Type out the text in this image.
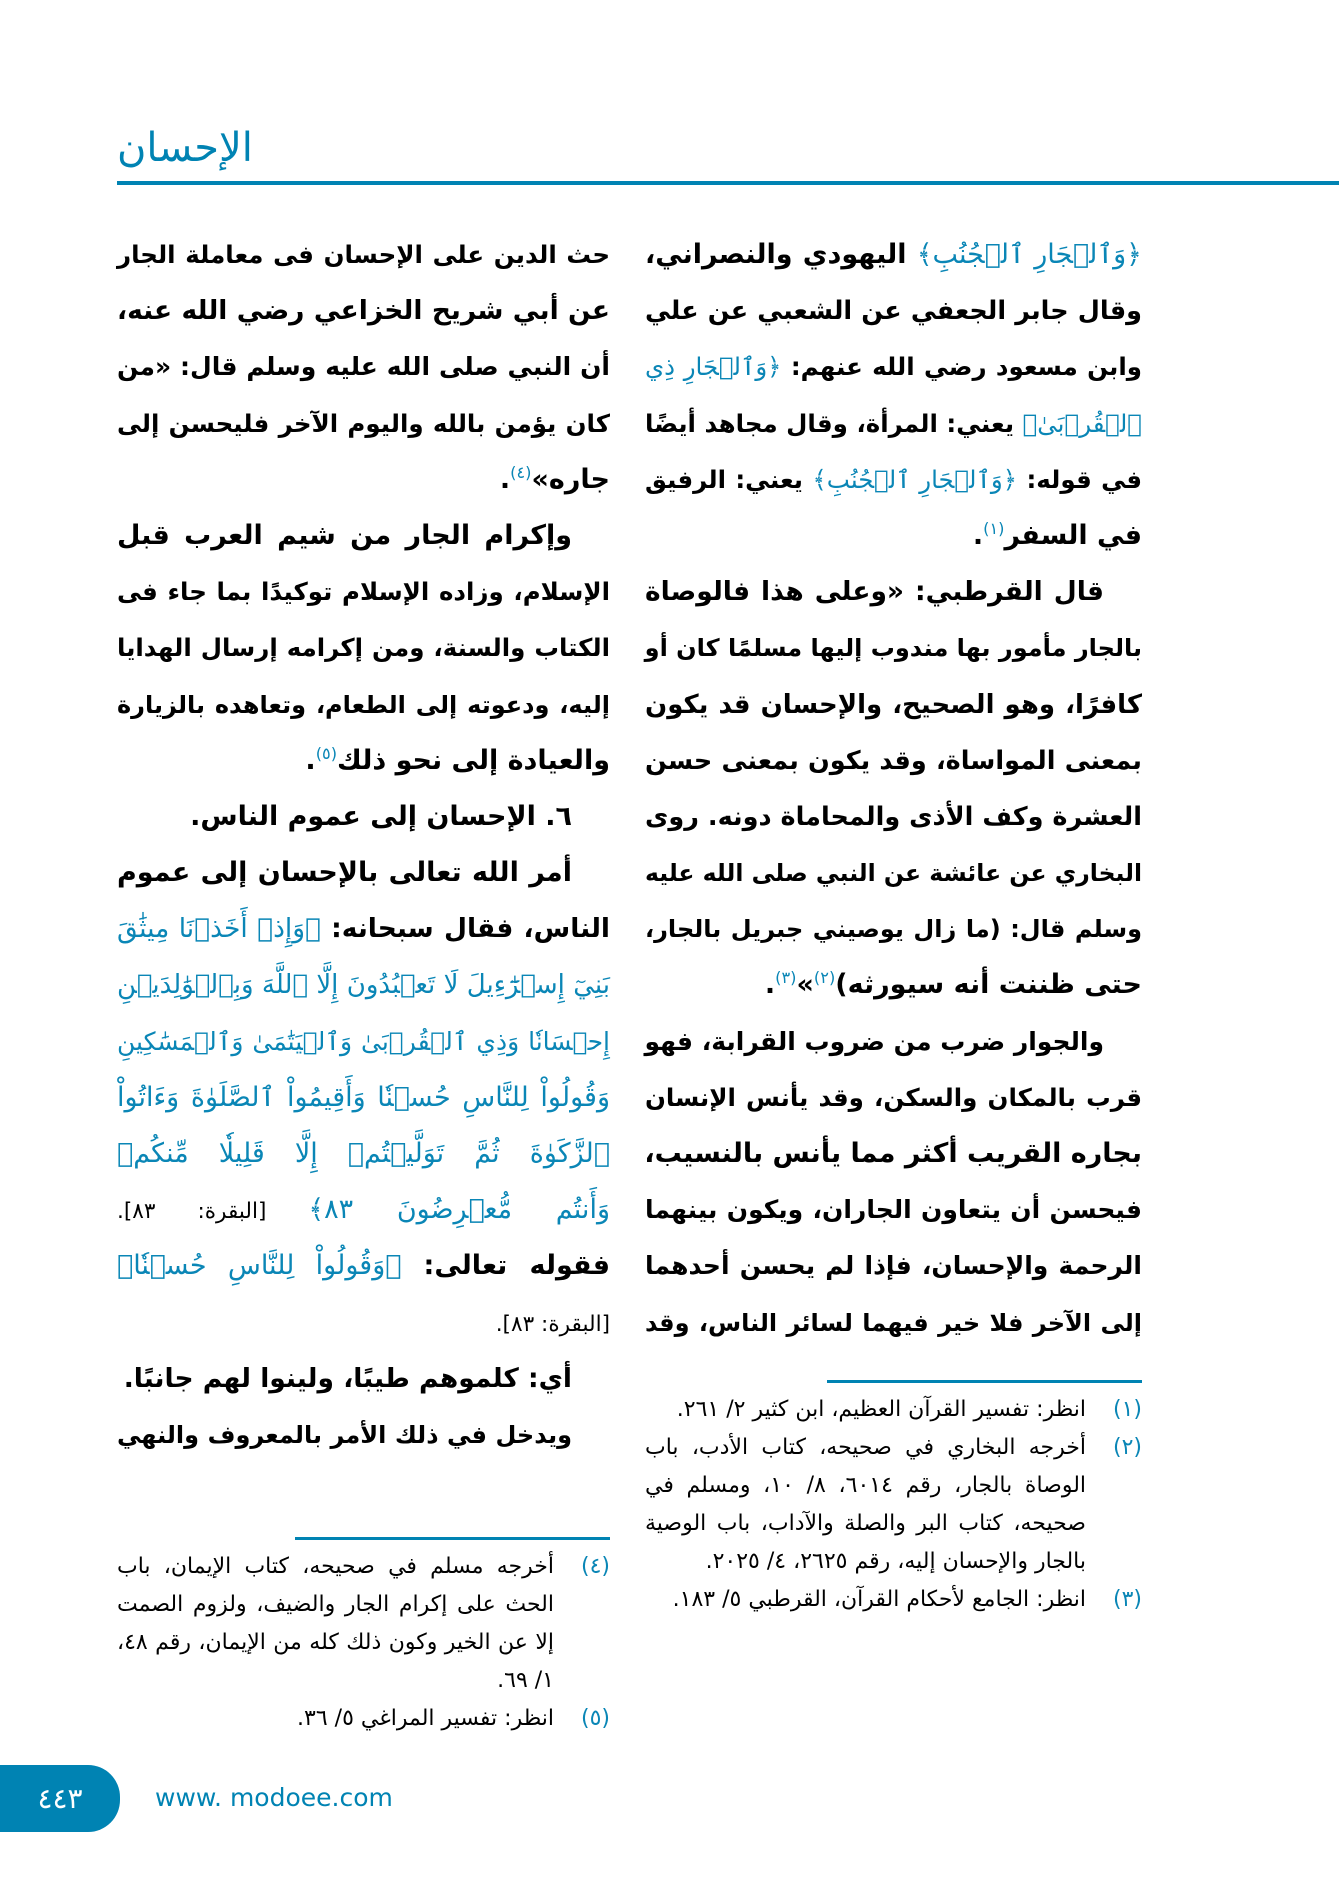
الإحسان
﴿وَٱلۡجَارِ ٱلۡجُنُبِ﴾ اليهودي والنصراني،
وقال جابر الجعفي عن الشعبي عن علي
وابن مسعود رضي الله عنهم: ﴿وَٱلۡجَارِ ذِي
ٱلۡقُرۡبَىٰ﴾ يعني: المرأة، وقال مجاهد أيضًا
في قوله: ﴿وَٱلۡجَارِ ٱلۡجُنُبِ﴾ يعني: الرفيق
في السفر$^{(١)}$.
قال القرطبي: «وعلى هذا فالوصاة
بالجار مأمور بها مندوب إليها مسلمًا كان أو
كافرًا، وهو الصحيح، والإحسان قد يكون
بمعنى المواساة، وقد يكون بمعنى حسن
العشرة وكف الأذى والمحاماة دونه. روى
البخاري عن عائشة عن النبي صلى الله عليه
وسلم قال: (ما زال يوصيني جبريل بالجار،
حتى ظننت أنه سيورثه)$^{(٢)}$»$^{(٣)}$.
والجوار ضرب من ضروب القرابة، فهو
قرب بالمكان والسكن، وقد يأنس الإنسان
بجاره القريب أكثر مما يأنس بالنسيب،
فيحسن أن يتعاون الجاران، ويكون بينهما
الرحمة والإحسان، فإذا لم يحسن أحدهما
إلى الآخر فلا خير فيهما لسائر الناس، وقد
حث الدين على الإحسان فى معاملة الجار
عن أبي شريح الخزاعي رضي الله عنه،
أن النبي صلى الله عليه وسلم قال: «من
كان يؤمن بالله واليوم الآخر فليحسن إلى
جاره»$^{(٤)}$.
وإكرام الجار من شيم العرب قبل
الإسلام، وزاده الإسلام توكيدًا بما جاء فى
الكتاب والسنة، ومن إكرامه إرسال الهدايا
إليه، ودعوته إلى الطعام، وتعاهده بالزيارة
والعيادة إلى نحو ذلك$^{(٥)}$.
٦. الإحسان إلى عموم الناس.
أمر الله تعالى بالإحسان إلى عموم
الناس، فقال سبحانه: ﴿وَإِذۡ أَخَذۡنَا مِيثَٰقَ
بَنِيٓ إِسۡرَٰٓءِيلَ لَا تَعۡبُدُونَ إِلَّا ٱللَّهَ وَبِٱلۡوَٰلِدَيۡنِ
إِحۡسَانٗا وَذِي ٱلۡقُرۡبَىٰ وَٱلۡيَتَٰمَىٰ وَٱلۡمَسَٰكِينِ
وَقُولُواْ لِلنَّاسِ حُسۡنٗا وَأَقِيمُواْ ٱلصَّلَوٰةَ وَءَاتُواْ
ٱلزَّكَوٰةَ ثُمَّ تَوَلَّيۡتُمۡ إِلَّا قَلِيلٗا مِّنكُمۡ
وَأَنتُم مُّعۡرِضُونَ ٨٣﴾ [البقرة: ٨٣].
فقوله تعالى: ﴿وَقُولُواْ لِلنَّاسِ حُسۡنٗا﴾
[البقرة: ٨٣].
أي: كلموهم طيبًا، ولينوا لهم جانبًا.
ويدخل في ذلك الأمر بالمعروف والنهي
(١)
انظر: تفسير القرآن العظيم، ابن كثير ٢/ ٢٦١.
(٢)
أخرجه البخاري في صحيحه، كتاب الأدب، باب الوصاة بالجار، رقم ٦٠١٤، ٨/ ١٠، ومسلم في صحيحه، كتاب البر والصلة والآداب، باب الوصية بالجار والإحسان إليه، رقم ٢٦٢٥، ٤/ ٢٠٢٥.
(٣)
انظر: الجامع لأحكام القرآن، القرطبي ٥/ ١٨٣.
(٤)
أخرجه مسلم في صحيحه، كتاب الإيمان، باب الحث على إكرام الجار والضيف، ولزوم الصمت إلا عن الخير وكون ذلك كله من الإيمان، رقم ٤٨، ١/ ٦٩.
(٥)
انظر: تفسير المراغي ٥/ ٣٦.
٤٤٣	www. modoee.com
